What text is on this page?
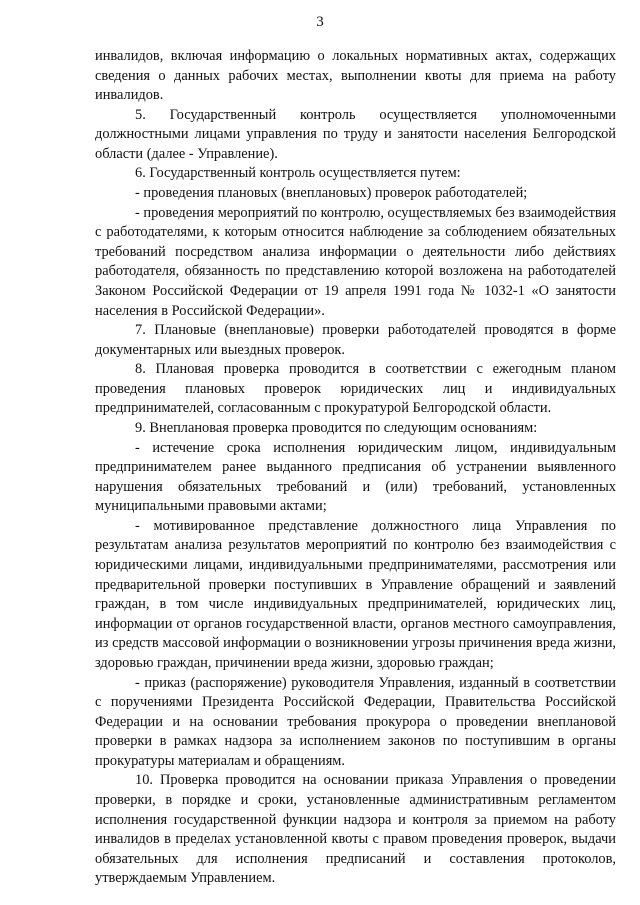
3

инвалидов, включая информацию о локальных нормативных актах, содержащих сведения о данных рабочих местах, выполнении квоты для приема на работу инвалидов.

5. Государственный контроль осуществляется уполномоченными должностными лицами управления по труду и занятости населения Белгородской области (далее - Управление).

6. Государственный контроль осуществляется путем:

- проведения плановых (внеплановых) проверок работодателей;

- проведения мероприятий по контролю, осуществляемых без взаимодействия с работодателями, к которым относится наблюдение за соблюдением обязательных требований посредством анализа информации о деятельности либо действиях работодателя, обязанность по представлению которой возложена на работодателей Законом Российской Федерации от 19 апреля 1991 года № 1032-1 «О занятости населения в Российской Федерации».

7. Плановые (внеплановые) проверки работодателей проводятся в форме документарных или выездных проверок.

8. Плановая проверка проводится в соответствии с ежегодным планом проведения плановых проверок юридических лиц и индивидуальных предпринимателей, согласованным с прокуратурой Белгородской области.

9. Внеплановая проверка проводится по следующим основаниям:

- истечение срока исполнения юридическим лицом, индивидуальным предпринимателем ранее выданного предписания об устранении выявленного нарушения обязательных требований и (или) требований, установленных муниципальными правовыми актами;

- мотивированное представление должностного лица Управления по результатам анализа результатов мероприятий по контролю без взаимодействия с юридическими лицами, индивидуальными предпринимателями, рассмотрения или предварительной проверки поступивших в Управление обращений и заявлений граждан, в том числе индивидуальных предпринимателей, юридических лиц, информации от органов государственной власти, органов местного самоуправления, из средств массовой информации о возникновении угрозы причинения вреда жизни, здоровью граждан, причинении вреда жизни, здоровью граждан;

- приказ (распоряжение) руководителя Управления, изданный в соответствии с поручениями Президента Российской Федерации, Правительства Российской Федерации и на основании требования прокурора о проведении внеплановой проверки в рамках надзора за исполнением законов по поступившим в органы прокуратуры материалам и обращениям.

10. Проверка проводится на основании приказа Управления о проведении проверки, в порядке и сроки, установленные административным регламентом исполнения государственной функции надзора и контроля за приемом на работу инвалидов в пределах установленной квоты с правом проведения проверок, выдачи обязательных для исполнения предписаний и составления протоколов, утверждаемым Управлением.
